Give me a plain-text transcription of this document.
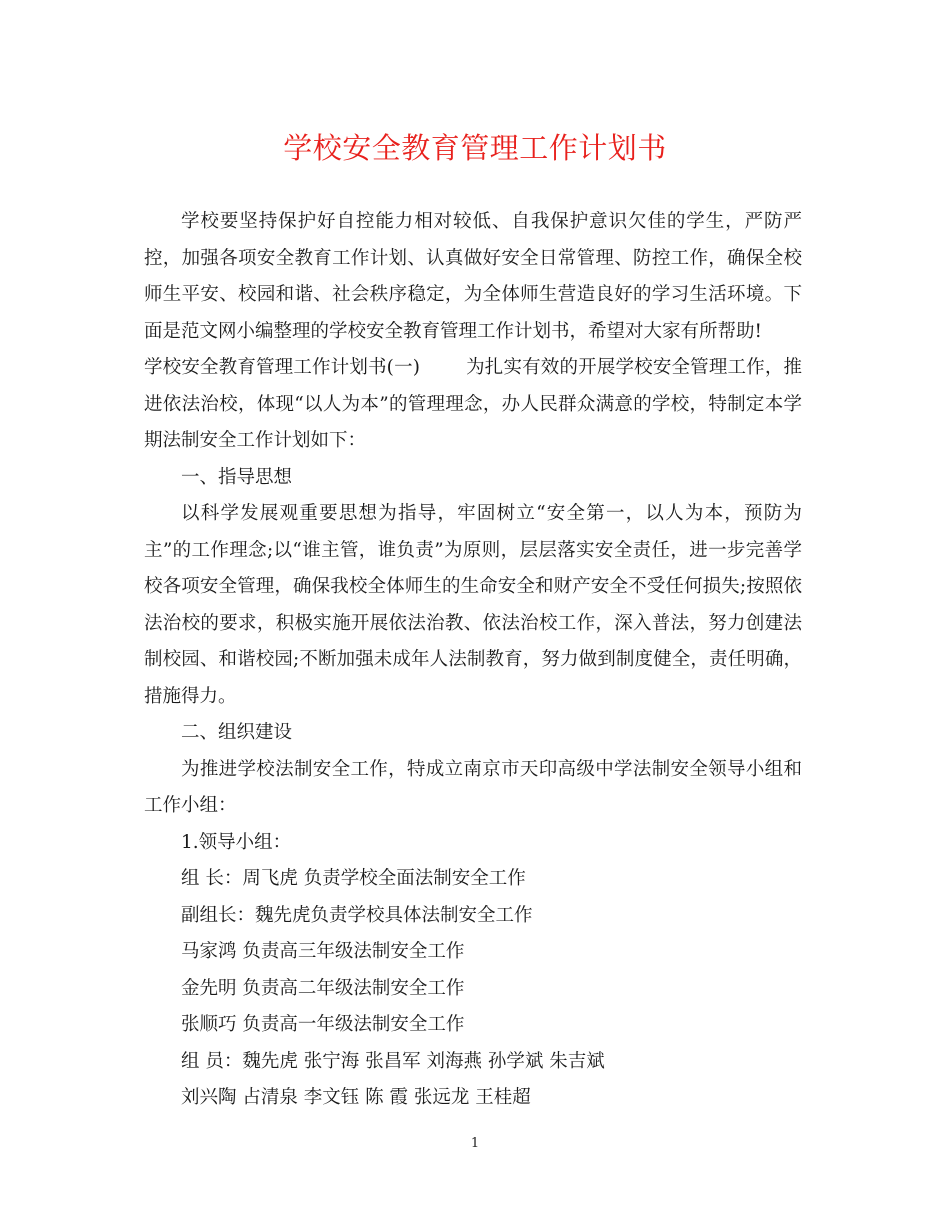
学校安全教育管理工作计划书

学校要坚持保护好自控能力相对较低、自我保护意识欠佳的学生，严防严控，加强各项安全教育工作计划、认真做好安全日常管理、防控工作，确保全校师生平安、校园和谐、社会秩序稳定，为全体师生营造良好的学习生活环境。下面是范文网小编整理的学校安全教育管理工作计划书，希望对大家有所帮助!

学校安全教育管理工作计划书(一) 为扎实有效的开展学校安全管理工作，推进依法治校，体现“以人为本”的管理理念，办人民群众满意的学校，特制定本学期法制安全工作计划如下：

一、指导思想

以科学发展观重要思想为指导，牢固树立“安全第一，以人为本，预防为主”的工作理念;以“谁主管，谁负责”为原则，层层落实安全责任，进一步完善学校各项安全管理，确保我校全体师生的生命安全和财产安全不受任何损失;按照依法治校的要求，积极实施开展依法治教、依法治校工作，深入普法，努力创建法制校园、和谐校园;不断加强未成年人法制教育，努力做到制度健全，责任明确，措施得力。

二、组织建设

为推进学校法制安全工作，特成立南京市天印高级中学法制安全领导小组和工作小组：

1.领导小组：

组 长：周飞虎 负责学校全面法制安全工作

副组长：魏先虎负责学校具体法制安全工作

马家鸿 负责高三年级法制安全工作

金先明 负责高二年级法制安全工作

张顺巧 负责高一年级法制安全工作

组 员：魏先虎 张宁海 张昌军 刘海燕 孙学斌 朱吉斌

刘兴陶 占清泉 李文钰 陈 霞 张远龙 王桂超

1
